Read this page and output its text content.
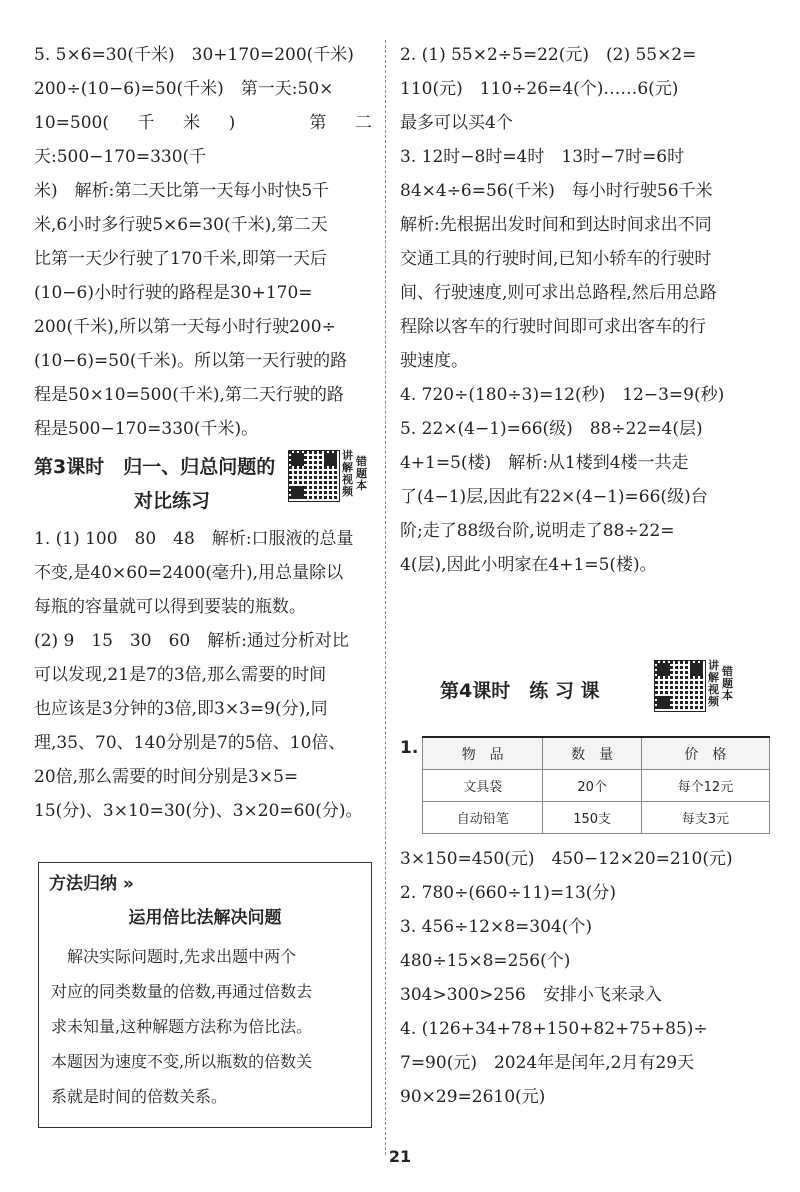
5. 5×6=30(千米)　30+170=200(千米)

200÷(10−6)=50(千米)　第一天:50×

10=500(千米)　第二天:500−170=330(千

米)　解析:第二天比第一天每小时快5千

米,6小时多行驶5×6=30(千米),第二天

比第一天少行驶了170千米,即第一天后

(10−6)小时行驶的路程是30+170=

200(千米),所以第一天每小时行驶200÷

(10−6)=50(千米)。所以第一天行驶的路

程是50×10=500(千米),第二天行驶的路

程是500−170=330(千米)。

第3课时　归一、归总问题的
对比练习
讲
解
视
频
错
题
本

1. (1) 100　80　48　解析:口服液的总量

不变,是40×60=2400(毫升),用总量除以

每瓶的容量就可以得到要装的瓶数。

(2) 9　15　30　60　解析:通过分析对比

可以发现,21是7的3倍,那么需要的时间

也应该是3分钟的3倍,即3×3=9(分),同

理,35、70、140分别是7的5倍、10倍、

20倍,那么需要的时间分别是3×5=

15(分)、3×10=30(分)、3×20=60(分)。

方法归纳 »
运用倍比法解决问题
　解决实际问题时,先求出题中两个
对应的同类数量的倍数,再通过倍数去
求未知量,这种解题方法称为倍比法。
本题因为速度不变,所以瓶数的倍数关
系就是时间的倍数关系。

2. (1) 55×2÷5=22(元)　(2) 55×2=

110(元)　110÷26=4(个)……6(元)

最多可以买4个

3. 12时−8时=4时　13时−7时=6时

84×4÷6=56(千米)　每小时行驶56千米

解析:先根据出发时间和到达时间求出不同

交通工具的行驶时间,已知小轿车的行驶时

间、行驶速度,则可求出总路程,然后用总路

程除以客车的行驶时间即可求出客车的行

驶速度。

4. 720÷(180÷3)=12(秒)　12−3=9(秒)

5. 22×(4−1)=66(级)　88÷22=4(层)

4+1=5(楼)　解析:从1楼到4楼一共走

了(4−1)层,因此有22×(4−1)=66(级)台

阶;走了88级台阶,说明走了88÷22=

4(层),因此小明家在4+1=5(楼)。

第4课时　练 习 课
讲
解
视
频
错
题
本
1.	物　品	数　量	价　格
文具袋	20个	每个12元
自动铅笔	150支	每支3元

3×150=450(元)　450−12×20=210(元)

2. 780÷(660÷11)=13(分)

3. 456÷12×8=304(个)

480÷15×8=256(个)

304>300>256　安排小飞来录入

4. (126+34+78+150+82+75+85)÷

7=90(元)　2024年是闰年,2月有29天

90×29=2610(元)

21
